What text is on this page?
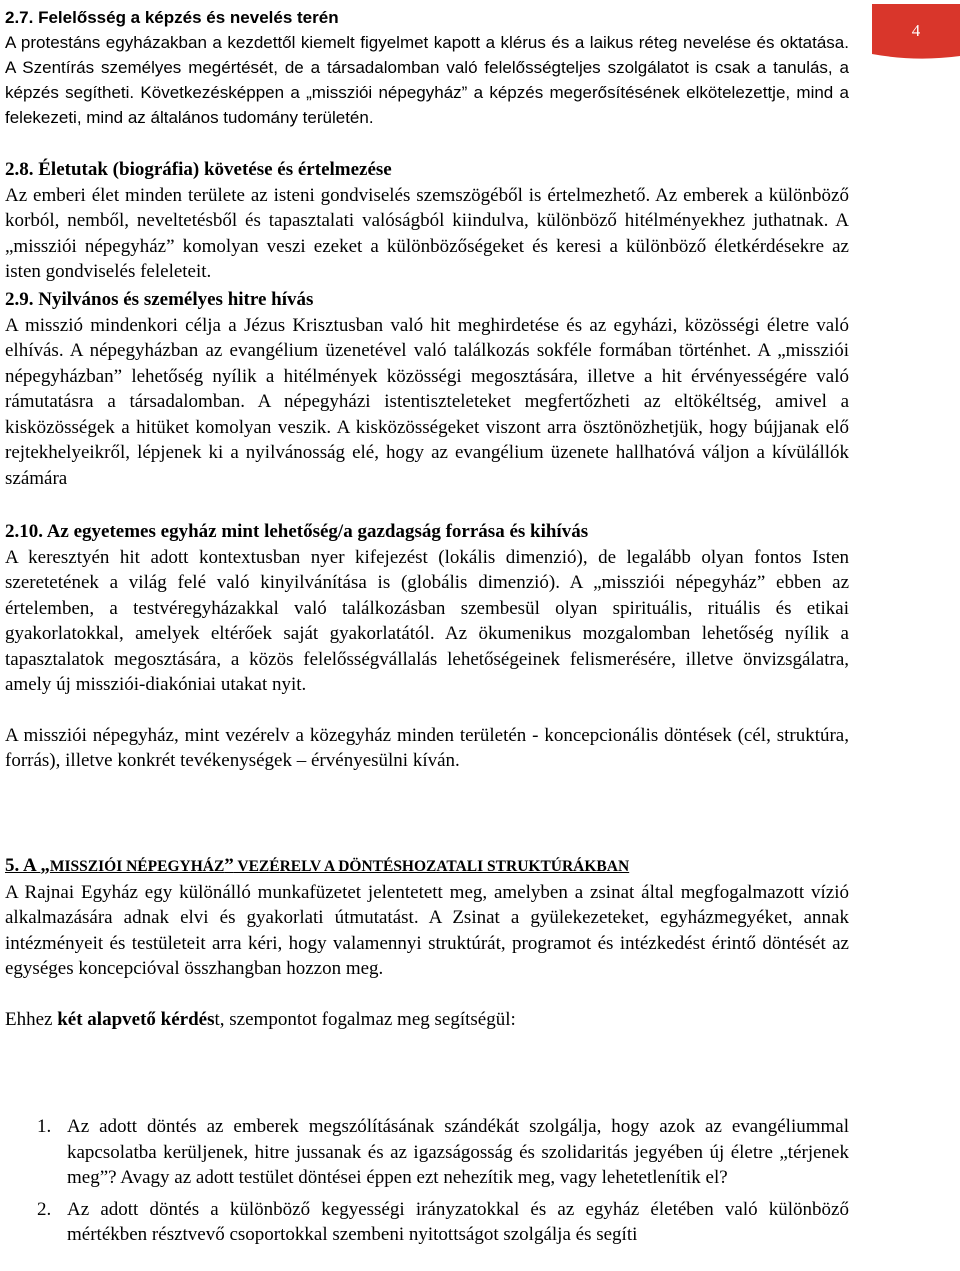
4

2.7. Felelősség a képzés és nevelés terén

A protestáns egyházakban a kezdettől kiemelt figyelmet kapott a klérus és a laikus réteg nevelése és oktatása. A Szentírás személyes megértését, de a társadalomban való felelősségteljes szolgálatot is csak a tanulás, a képzés segítheti. Következésképpen a „missziói népegyház” a képzés megerősítésének elkötelezettje, mind a felekezeti, mind az általános tudomány területén.

2.8. Életutak (biográfia) követése és értelmezése

Az emberi élet minden területe az isteni gondviselés szemszögéből is értelmezhető. Az emberek a különböző korból, nemből, neveltetésből és tapasztalati valóságból kiindulva, különböző hitélményekhez juthatnak. A „missziói népegyház” komolyan veszi ezeket a különbözőségeket és keresi a különböző életkérdésekre az isten gondviselés feleleteit.

2.9. Nyilvános és személyes hitre hívás

A misszió mindenkori célja a Jézus Krisztusban való hit meghirdetése és az egyházi, közösségi életre való elhívás. A népegyházban az evangélium üzenetével való találkozás sokféle formában történhet. A „missziói népegyházban” lehetőség nyílik a hitélmények közösségi megosztására, illetve a hit érvényességére való rámutatásra a társadalomban. A népegyházi istentiszteleteket megfertőzheti az eltökéltség, amivel a kisközösségek a hitüket komolyan veszik. A kisközösségeket viszont arra ösztönözhetjük, hogy bújjanak elő rejtekhelyeikről, lépjenek ki a nyilvánosság elé, hogy az evangélium üzenete hallhatóvá váljon a kívülállók számára

2.10. Az egyetemes egyház mint lehetőség/a gazdagság forrása és kihívás

A keresztyén hit adott kontextusban nyer kifejezést (lokális dimenzió), de legalább olyan fontos Isten szeretetének a világ felé való kinyilvánítása is (globális dimenzió). A „missziói népegyház” ebben az értelemben, a testvéregyházakkal való találkozásban szembesül olyan spirituális, rituális és etikai gyakorlatokkal, amelyek eltérőek saját gyakorlatától. Az ökumenikus mozgalomban lehetőség nyílik a tapasztalatok megosztására, a közös felelősségvállalás lehetőségeinek felismerésére, illetve önvizsgálatra, amely új missziói-diakóniai utakat nyit.

A missziói népegyház, mint vezérelv a közegyház minden területén - koncepcionális döntések (cél, struktúra, forrás), illetve konkrét tevékenységek – érvényesülni kíván.

5. A „MISSZIÓI NÉPEGYHÁZ” VEZÉRELV A DÖNTÉSHOZATALI STRUKTÚRÁKBAN

A Rajnai Egyház egy különálló munkafüzetet jelentetett meg, amelyben a zsinat által megfogalmazott vízió alkalmazására adnak elvi és gyakorlati útmutatást. A Zsinat a gyülekezeteket, egyházmegyéket, annak intézményeit és testületeit arra kéri, hogy valamennyi struktúrát, programot és intézkedést érintő döntését az egységes koncepcióval összhangban hozzon meg.

Ehhez két alapvető kérdést, szempontot fogalmaz meg segítségül:

1. Az adott döntés az emberek megszólításának szándékát szolgálja, hogy azok az evangéliummal kapcsolatba kerüljenek, hitre jussanak és az igazságosság és szolidaritás jegyében új életre „térjenek meg”? Avagy az adott testület döntései éppen ezt nehezítik meg, vagy lehetetlenítik el?
2. Az adott döntés a különböző kegyességi irányzatokkal és az egyház életében való különböző mértékben résztvevő csoportokkal szembeni nyitottságot szolgálja és segíti
